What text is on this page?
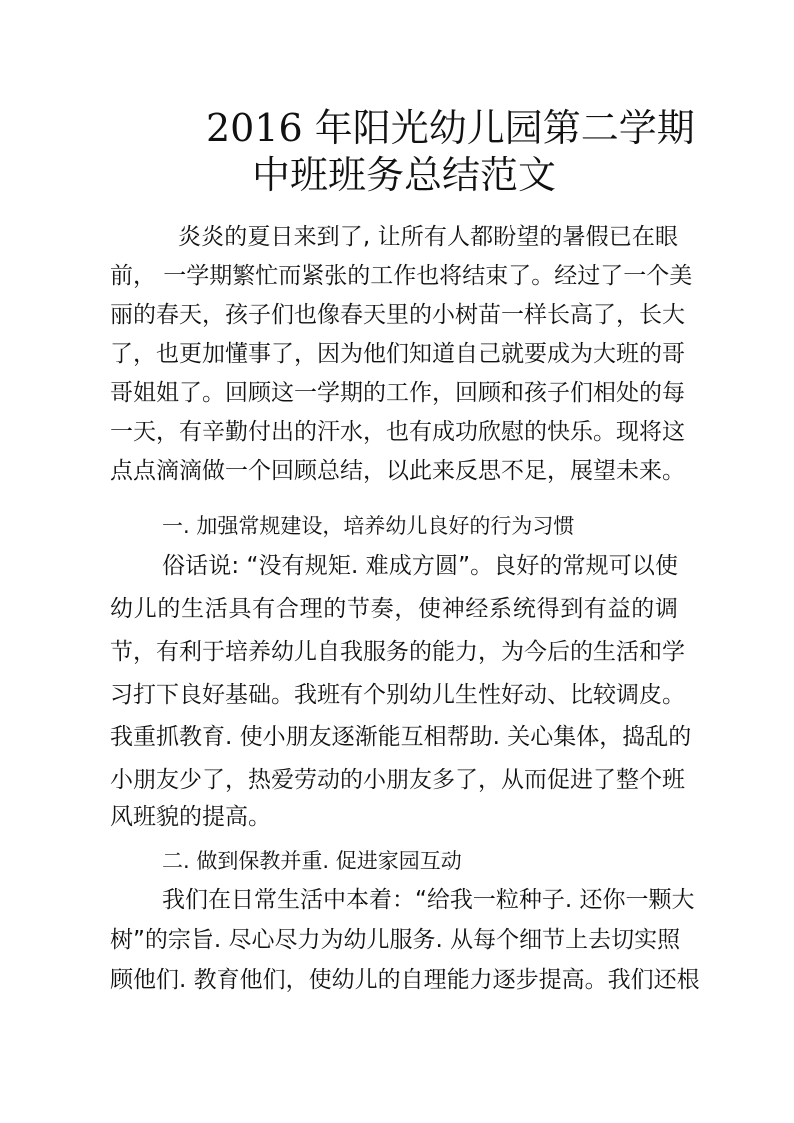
2016 年阳光幼儿园第二学期
中班班务总结范文
炎炎的夏日来到了, 让所有人都盼望的暑假已在眼
前， 一学期繁忙而紧张的工作也将结束了。经过了一个美
丽的春天，孩子们也像春天里的小树苗一样长高了，长大
了，也更加懂事了，因为他们知道自己就要成为大班的哥
哥姐姐了。回顾这一学期的工作，回顾和孩子们相处的每
一天，有辛勤付出的汗水，也有成功欣慰的快乐。现将这
点点滴滴做一个回顾总结，以此来反思不足，展望未来。
一. 加强常规建设，培养幼儿良好的行为习惯
俗话说: “没有规矩. 难成方圆”。良好的常规可以使
幼儿的生活具有合理的节奏，使神经系统得到有益的调
节，有利于培养幼儿自我服务的能力，为今后的生活和学
习打下良好基础。我班有个别幼儿生性好动、比较调皮。
我重抓教育. 使小朋友逐渐能互相帮助. 关心集体，捣乱的
小朋友少了，热爱劳动的小朋友多了，从而促进了整个班
风班貌的提高。
二. 做到保教并重. 促进家园互动
我们在日常生活中本着：“给我一粒种子. 还你一颗大
树”的宗旨. 尽心尽力为幼儿服务. 从每个细节上去切实照
顾他们. 教育他们，使幼儿的自理能力逐步提高。我们还根
